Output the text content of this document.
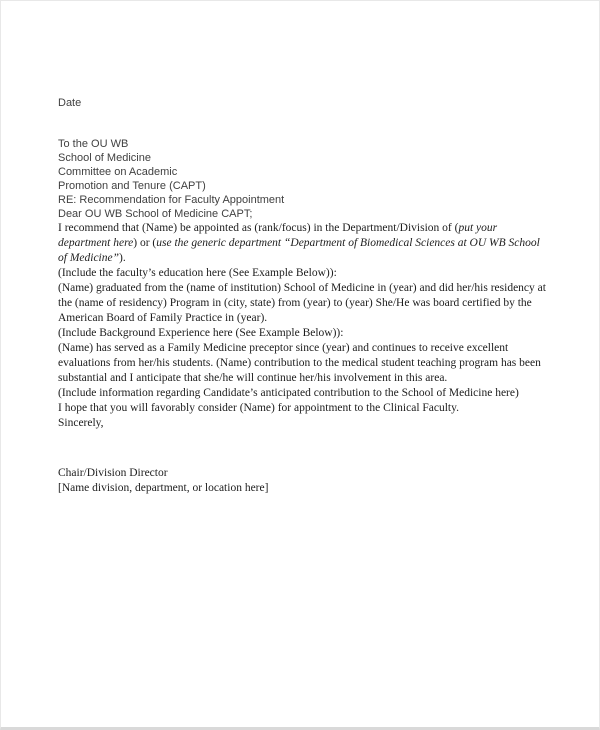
Date

To the OU WB
School of Medicine
Committee on Academic
Promotion and Tenure (CAPT)

RE: Recommendation for Faculty Appointment

Dear OU WB School of Medicine CAPT;

I recommend that (Name) be appointed as (rank/focus) in the Department/Division of (put your department here) or (use the generic department “Department of Biomedical Sciences at OU WB School of Medicine”).

(Include the faculty’s education here (See Example Below)):

(Name) graduated from the (name of institution) School of Medicine in (year) and did her/his residency at the (name of residency) Program in (city, state) from (year) to (year) She/He was board certified by the American Board of Family Practice in (year).

(Include Background Experience here (See Example Below)):

(Name) has served as a Family Medicine preceptor since (year) and continues to receive excellent evaluations from her/his students. (Name) contribution to the medical student teaching program has been substantial and I anticipate that she/he will continue her/his involvement in this area.

(Include information regarding Candidate’s anticipated contribution to the School of Medicine here)

I hope that you will favorably consider (Name) for appointment to the Clinical Faculty.

Sincerely,

Chair/Division Director
[Name division, department, or location here]
